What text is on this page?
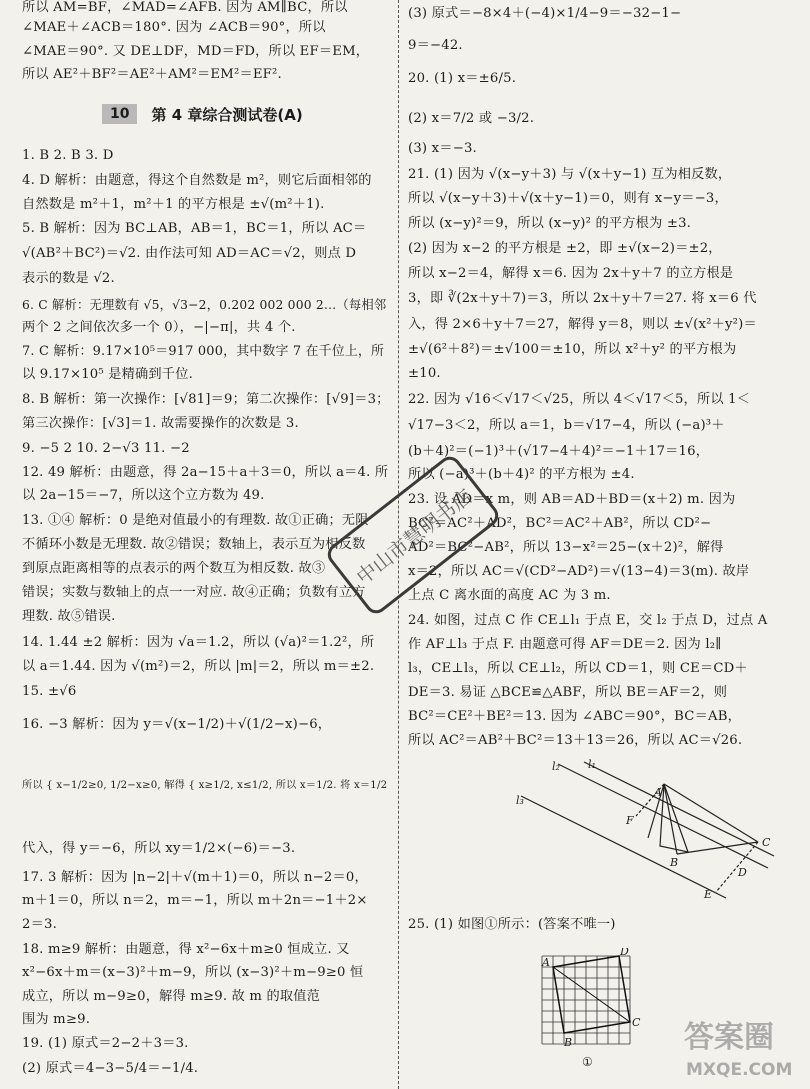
10	第 4 章综合测试卷(A)
所以 AM=BF，∠MAD=∠AFB. 因为 AM∥BC，所以
∠MAE＋∠ACB＝180°. 因为 ∠ACB＝90°，所以
∠MAE＝90°. 又 DE⊥DF，MD＝FD，所以 EF＝EM，
所以 AE²＋BF²＝AE²＋AM²＝EM²＝EF².
1. B 2. B 3. D
4. D 解析：由题意，得这个自然数是 m²，则它后面相邻的
自然数是 m²＋1，m²＋1 的平方根是 ±√(m²＋1).
5. B 解析：因为 BC⊥AB，AB＝1，BC＝1，所以 AC＝
√(AB²＋BC²)＝√2. 由作法可知 AD＝AC＝√2，则点 D
表示的数是 √2.
6. C 解析：无理数有 √5，√3−2，0.202 002 000 2…（每相邻
两个 2 之间依次多一个 0），−|−π|，共 4 个.
7. C 解析：9.17×10⁵＝917 000，其中数字 7 在千位上，所
以 9.17×10⁵ 是精确到千位.
8. B 解析：第一次操作：[√81]＝9；第二次操作：[√9]＝3；
第三次操作：[√3]＝1. 故需要操作的次数是 3.
9. −5 2 10. 2−√3 11. −2
12. 49 解析：由题意，得 2a−15＋a＋3＝0，所以 a＝4. 所
以 2a−15＝−7，所以这个立方数为 49.
13. ①④ 解析：0 是绝对值最小的有理数. 故①正确；无限
不循环小数是无理数. 故②错误；数轴上，表示互为相反数
到原点距离相等的点表示的两个数互为相反数. 故③
错误；实数与数轴上的点一一对应. 故④正确；负数有立方
理数. 故⑤错误.
14. 1.44 ±2 解析：因为 √a＝1.2，所以 (√a)²＝1.2²，所
以 a＝1.44. 因为 √(m²)＝2，所以 |m|＝2，所以 m＝±2.
15. ±√6
16. −3 解析：因为 y＝√(x−1/2)＋√(1/2−x)−6，
所以 { x−1/2≥0, 1/2−x≥0, 解得 { x≥1/2, x≤1/2, 所以 x＝1/2. 将 x＝1/2
代入，得 y＝−6，所以 xy＝1/2×(−6)＝−3.
17. 3 解析：因为 |n−2|＋√(m＋1)＝0，所以 n−2＝0，
m＋1＝0，所以 n＝2，m＝−1，所以 m＋2n＝−1＋2×
2＝3.
18. m≥9 解析：由题意，得 x²−6x＋m≥0 恒成立. 又
x²−6x＋m＝(x−3)²＋m−9，所以 (x−3)²＋m−9≥0 恒
成立，所以 m−9≥0，解得 m≥9. 故 m 的取值范
围为 m≥9.
19. (1) 原式＝2−2＋3＝3.
(2) 原式＝4−3−5/4＝−1/4.
l₂	l₁
l₃
A
B
C
D
E
F
A
D
C
B
①
(3) 原式＝−8×4＋(−4)×1/4−9＝−32−1−
9＝−42.
20. (1) x＝±6/5.
(2) x＝7/2 或 −3/2.
(3) x＝−3.
21. (1) 因为 √(x−y＋3) 与 √(x＋y−1) 互为相反数，
所以 √(x−y＋3)＋√(x＋y−1)＝0，则有 x−y＝−3，
所以 (x−y)²＝9，所以 (x−y)² 的平方根为 ±3.
(2) 因为 x−2 的平方根是 ±2，即 ±√(x−2)＝±2，
所以 x−2＝4，解得 x＝6. 因为 2x＋y＋7 的立方根是
3，即 ∛(2x＋y＋7)＝3，所以 2x＋y＋7＝27. 将 x＝6 代
入，得 2×6＋y＋7＝27，解得 y＝8，则以 ±√(x²＋y²)＝
±√(6²＋8²)＝±√100＝±10，所以 x²＋y² 的平方根为
±10.
22. 因为 √16＜√17＜√25，所以 4＜√17＜5，所以 1＜
√17−3＜2，所以 a＝1，b＝√17−4，所以 (−a)³＋
(b＋4)²＝(−1)³＋(√17−4＋4)²＝−1＋17＝16，
所以 (−a)³＋(b＋4)² 的平方根为 ±4.
23. 设 AD＝x m，则 AB＝AD＋BD＝(x＋2) m. 因为
BC²＝AC²＋AD²，BC²＝AC²＋AB²，所以 CD²−
AD²＝BC²−AB²，所以 13−x²＝25−(x＋2)²，解得
x＝2，所以 AC＝√(CD²−AD²)＝√(13−4)＝3(m). 故岸
上点 C 离水面的高度 AC 为 3 m.
24. 如图，过点 C 作 CE⊥l₁ 于点 E，交 l₂ 于点 D，过点 A
作 AF⊥l₃ 于点 F. 由题意可得 AF＝DE＝2. 因为 l₂∥
l₃，CE⊥l₃，所以 CE⊥l₂，所以 CD＝1，则 CE＝CD＋
DE＝3. 易证 △BCE≌△ABF，所以 BE＝AF＝2，则
BC²＝CE²＋BE²＝13. 因为 ∠ABC＝90°，BC＝AB，
所以 AC²＝AB²＋BC²＝13＋13＝26，所以 AC＝√26.
25. (1) 如图①所示：(答案不唯一)
中山市慧明书店
答案圈
MXQE.COM
